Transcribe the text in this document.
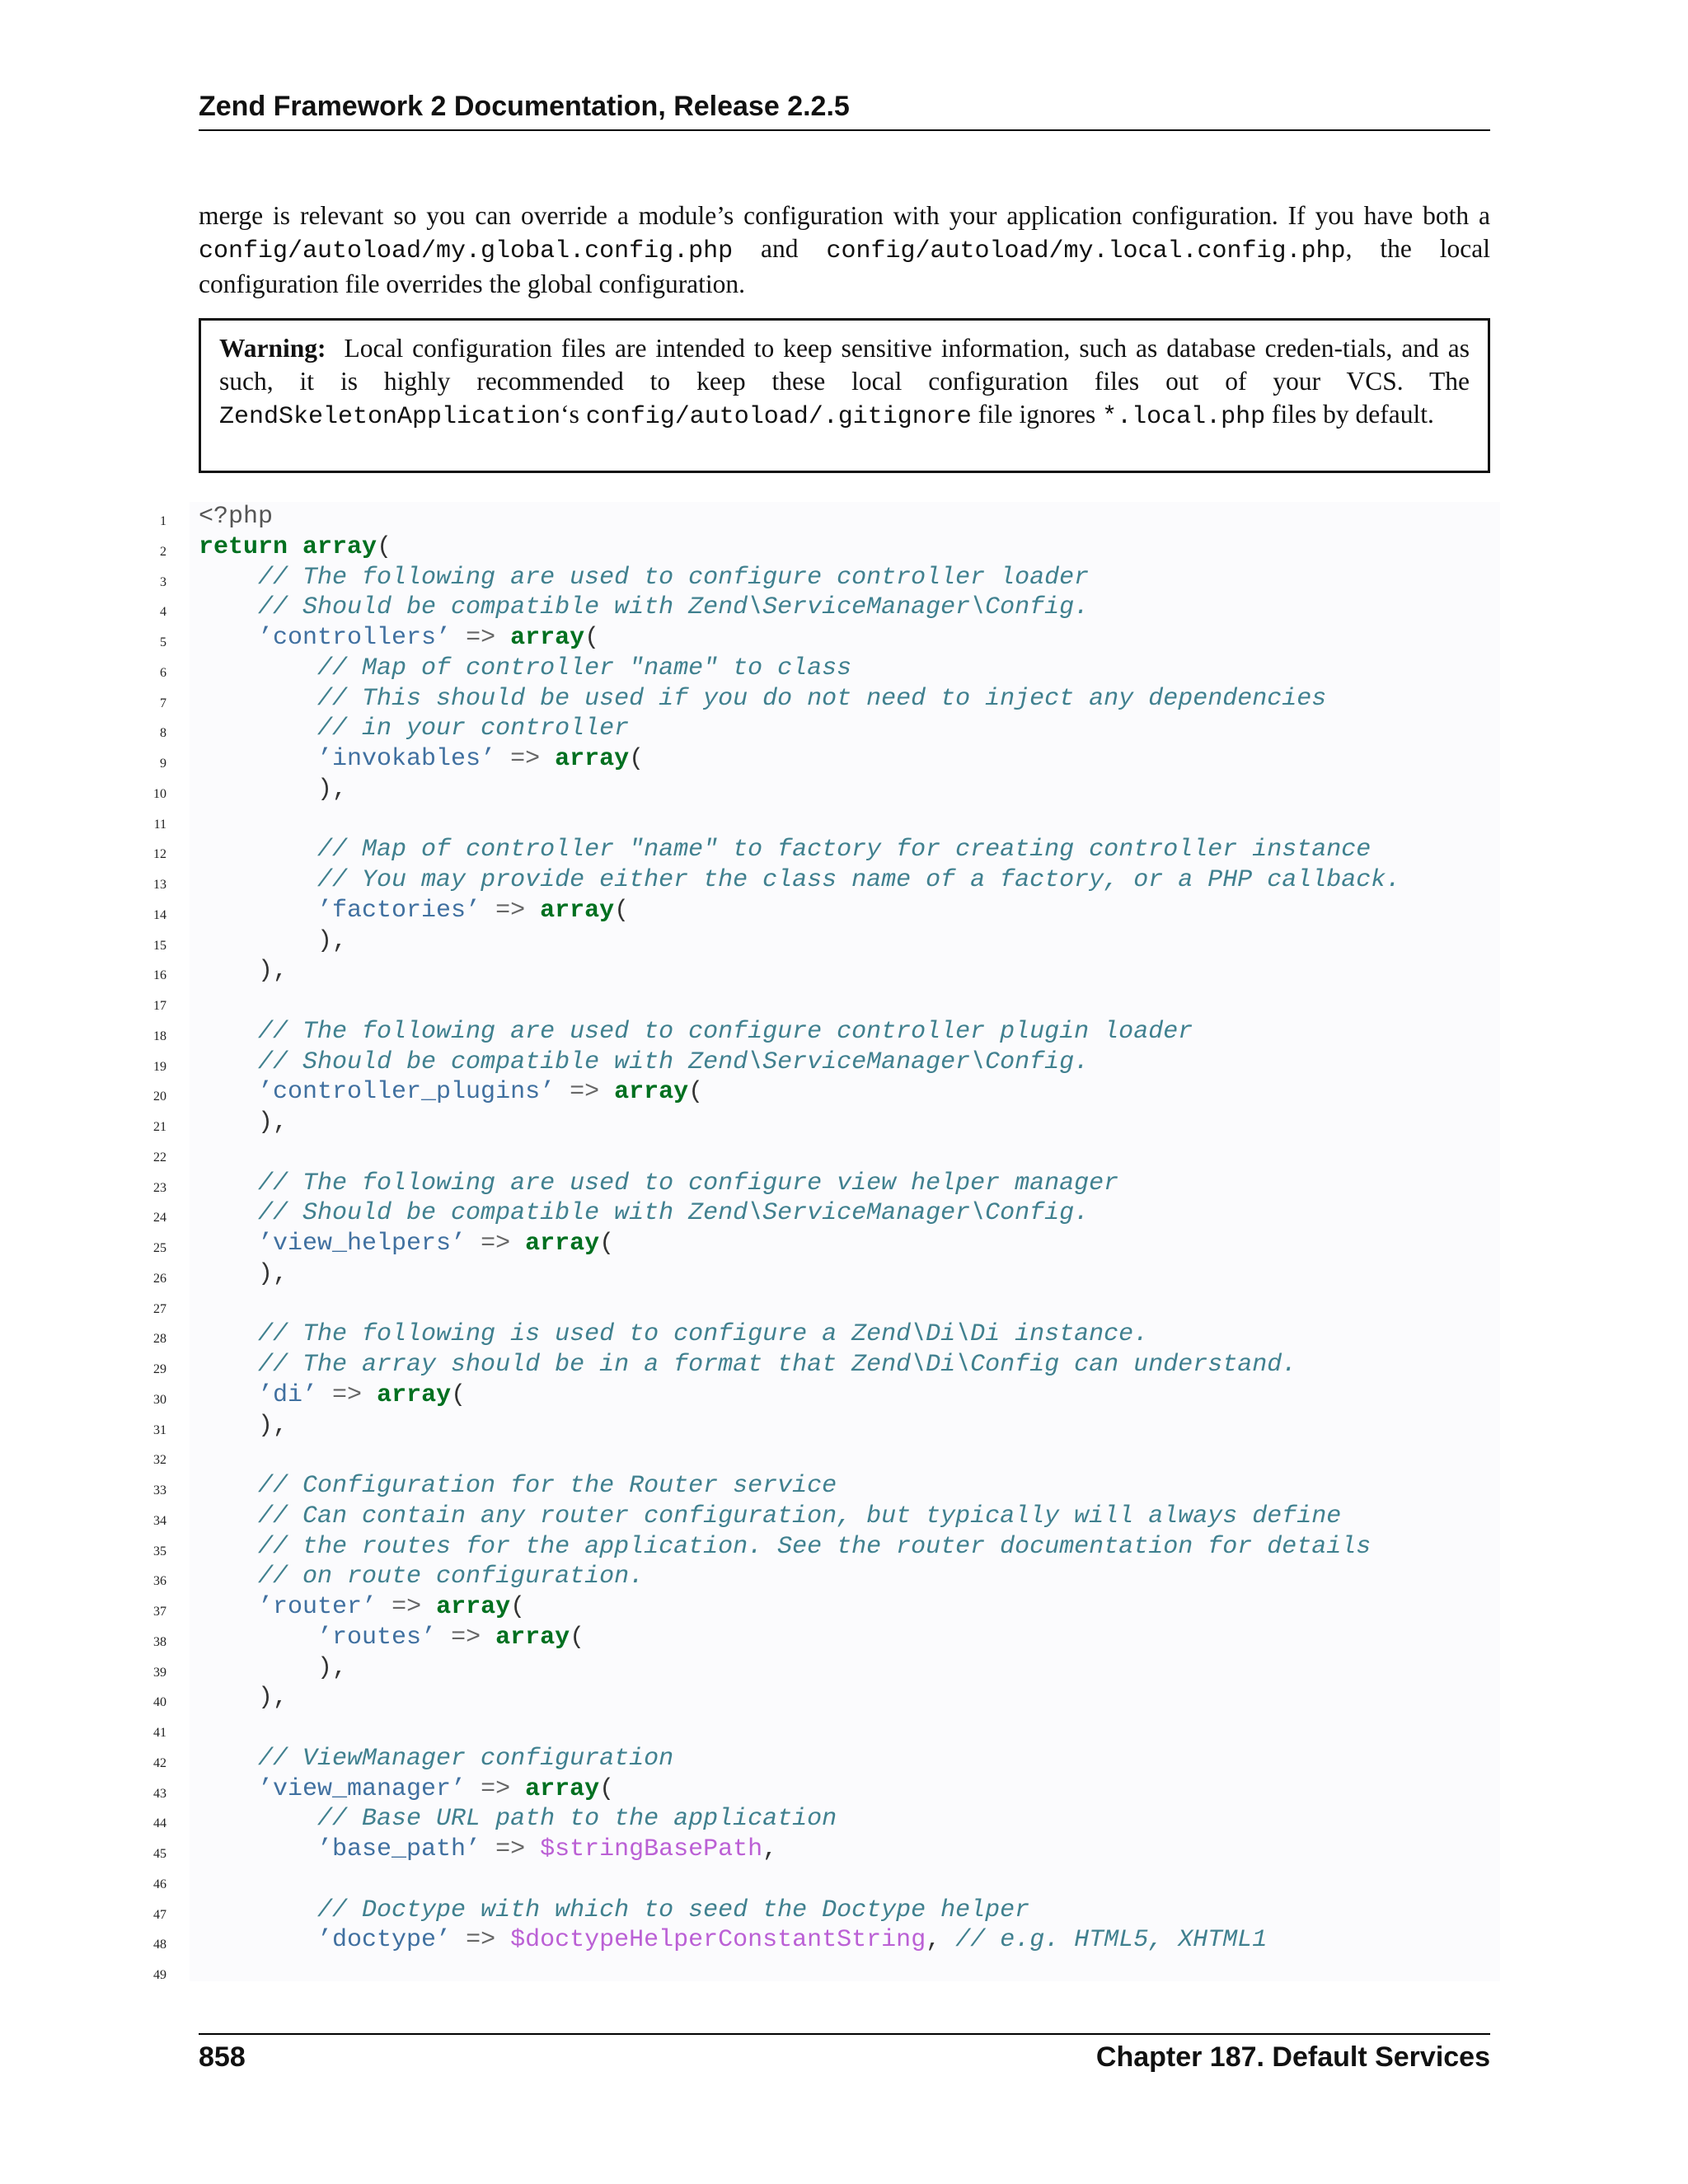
Zend Framework 2 Documentation, Release 2.2.5
merge is relevant so you can override a module’s configuration with your application configuration. If you have both a config/autoload/my.global.config.php and config/autoload/my.local.config.php, the local configuration file overrides the global configuration.
Warning: Local configuration files are intended to keep sensitive information, such as database creden-tials, and as such, it is highly recommended to keep these local configuration files out of your VCS. The ZendSkeletonApplication‘s config/autoload/.gitignore file ignores *.local.php files by default.
1 <?php
2 return array(
3	// The following are used to configure controller loader
4	// Should be compatible with Zend\ServiceManager\Config.
5	’controllers’ => array(
6	// Map of controller "name" to class
7	// This should be used if you do not need to inject any dependencies
8	// in your controller
9	’invokables’ => array(
10 ),
11
12	// Map of controller "name" to factory for creating controller instance
13	// You may provide either the class name of a factory, or a PHP callback.
14	’factories’ => array(
15 ),
16 ),
17
18	// The following are used to configure controller plugin loader
19	// Should be compatible with Zend\ServiceManager\Config.
20	’controller_plugins’ => array(
21 ),
22
23	// The following are used to configure view helper manager
24	// Should be compatible with Zend\ServiceManager\Config.
25	’view_helpers’ => array(
26 ),
27
28	// The following is used to configure a Zend\Di\Di instance.
29	// The array should be in a format that Zend\Di\Config can understand.
30	’di’ => array(
31 ),
32
33	// Configuration for the Router service
34	// Can contain any router configuration, but typically will always define
35	// the routes for the application. See the router documentation for details
36	// on route configuration.
37	’router’ => array(
38	’routes’ => array(
39 ),
40 ),
41
42	// ViewManager configuration
43	’view_manager’ => array(
44	// Base URL path to the application
45	’base_path’ => $stringBasePath,
46
47	// Doctype with which to seed the Doctype helper
48	’doctype’ => $doctypeHelperConstantString, // e.g. HTML5, XHTML1
49
858	Chapter 187. Default Services
